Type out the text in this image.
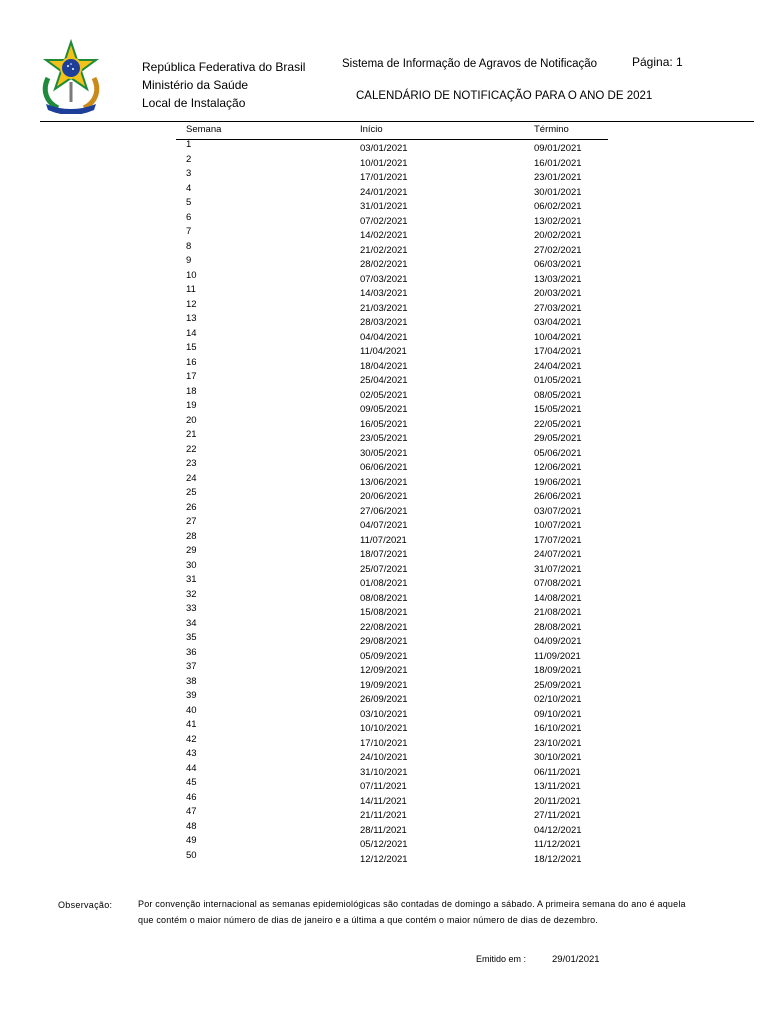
República Federativa do Brasil
Ministério da Saúde
Local de Instalação
Sistema de Informação de Agravos de Notificação	Página: 1
CALENDÁRIO DE NOTIFICAÇÃO PARA O ANO DE 2021
Semana	Início	Término
1	03/01/2021	09/01/2021
2	10/01/2021	16/01/2021
3	17/01/2021	23/01/2021
4	24/01/2021	30/01/2021
5	31/01/2021	06/02/2021
6	07/02/2021	13/02/2021
7	14/02/2021	20/02/2021
8	21/02/2021	27/02/2021
9	28/02/2021	06/03/2021
10	07/03/2021	13/03/2021
11	14/03/2021	20/03/2021
12	21/03/2021	27/03/2021
13	28/03/2021	03/04/2021
14	04/04/2021	10/04/2021
15	11/04/2021	17/04/2021
16	18/04/2021	24/04/2021
17	25/04/2021	01/05/2021
18	02/05/2021	08/05/2021
19	09/05/2021	15/05/2021
20	16/05/2021	22/05/2021
21	23/05/2021	29/05/2021
22	30/05/2021	05/06/2021
23	06/06/2021	12/06/2021
24	13/06/2021	19/06/2021
25	20/06/2021	26/06/2021
26	27/06/2021	03/07/2021
27	04/07/2021	10/07/2021
28	11/07/2021	17/07/2021
29	18/07/2021	24/07/2021
30	25/07/2021	31/07/2021
31	01/08/2021	07/08/2021
32	08/08/2021	14/08/2021
33	15/08/2021	21/08/2021
34	22/08/2021	28/08/2021
35	29/08/2021	04/09/2021
36	05/09/2021	11/09/2021
37	12/09/2021	18/09/2021
38	19/09/2021	25/09/2021
39	26/09/2021	02/10/2021
40	03/10/2021	09/10/2021
41	10/10/2021	16/10/2021
42	17/10/2021	23/10/2021
43	24/10/2021	30/10/2021
44	31/10/2021	06/11/2021
45	07/11/2021	13/11/2021
46	14/11/2021	20/11/2021
47	21/11/2021	27/11/2021
48	28/11/2021	04/12/2021
49	05/12/2021	11/12/2021
50	12/12/2021	18/12/2021
Observação:	Por convenção internacional as semanas epidemiológicas são contadas de domingo a sábado. A primeira semana do ano é aquela que contém o maior número de dias de janeiro e a última a que contém o maior número de dias de dezembro.
Emitido em :	29/01/2021
